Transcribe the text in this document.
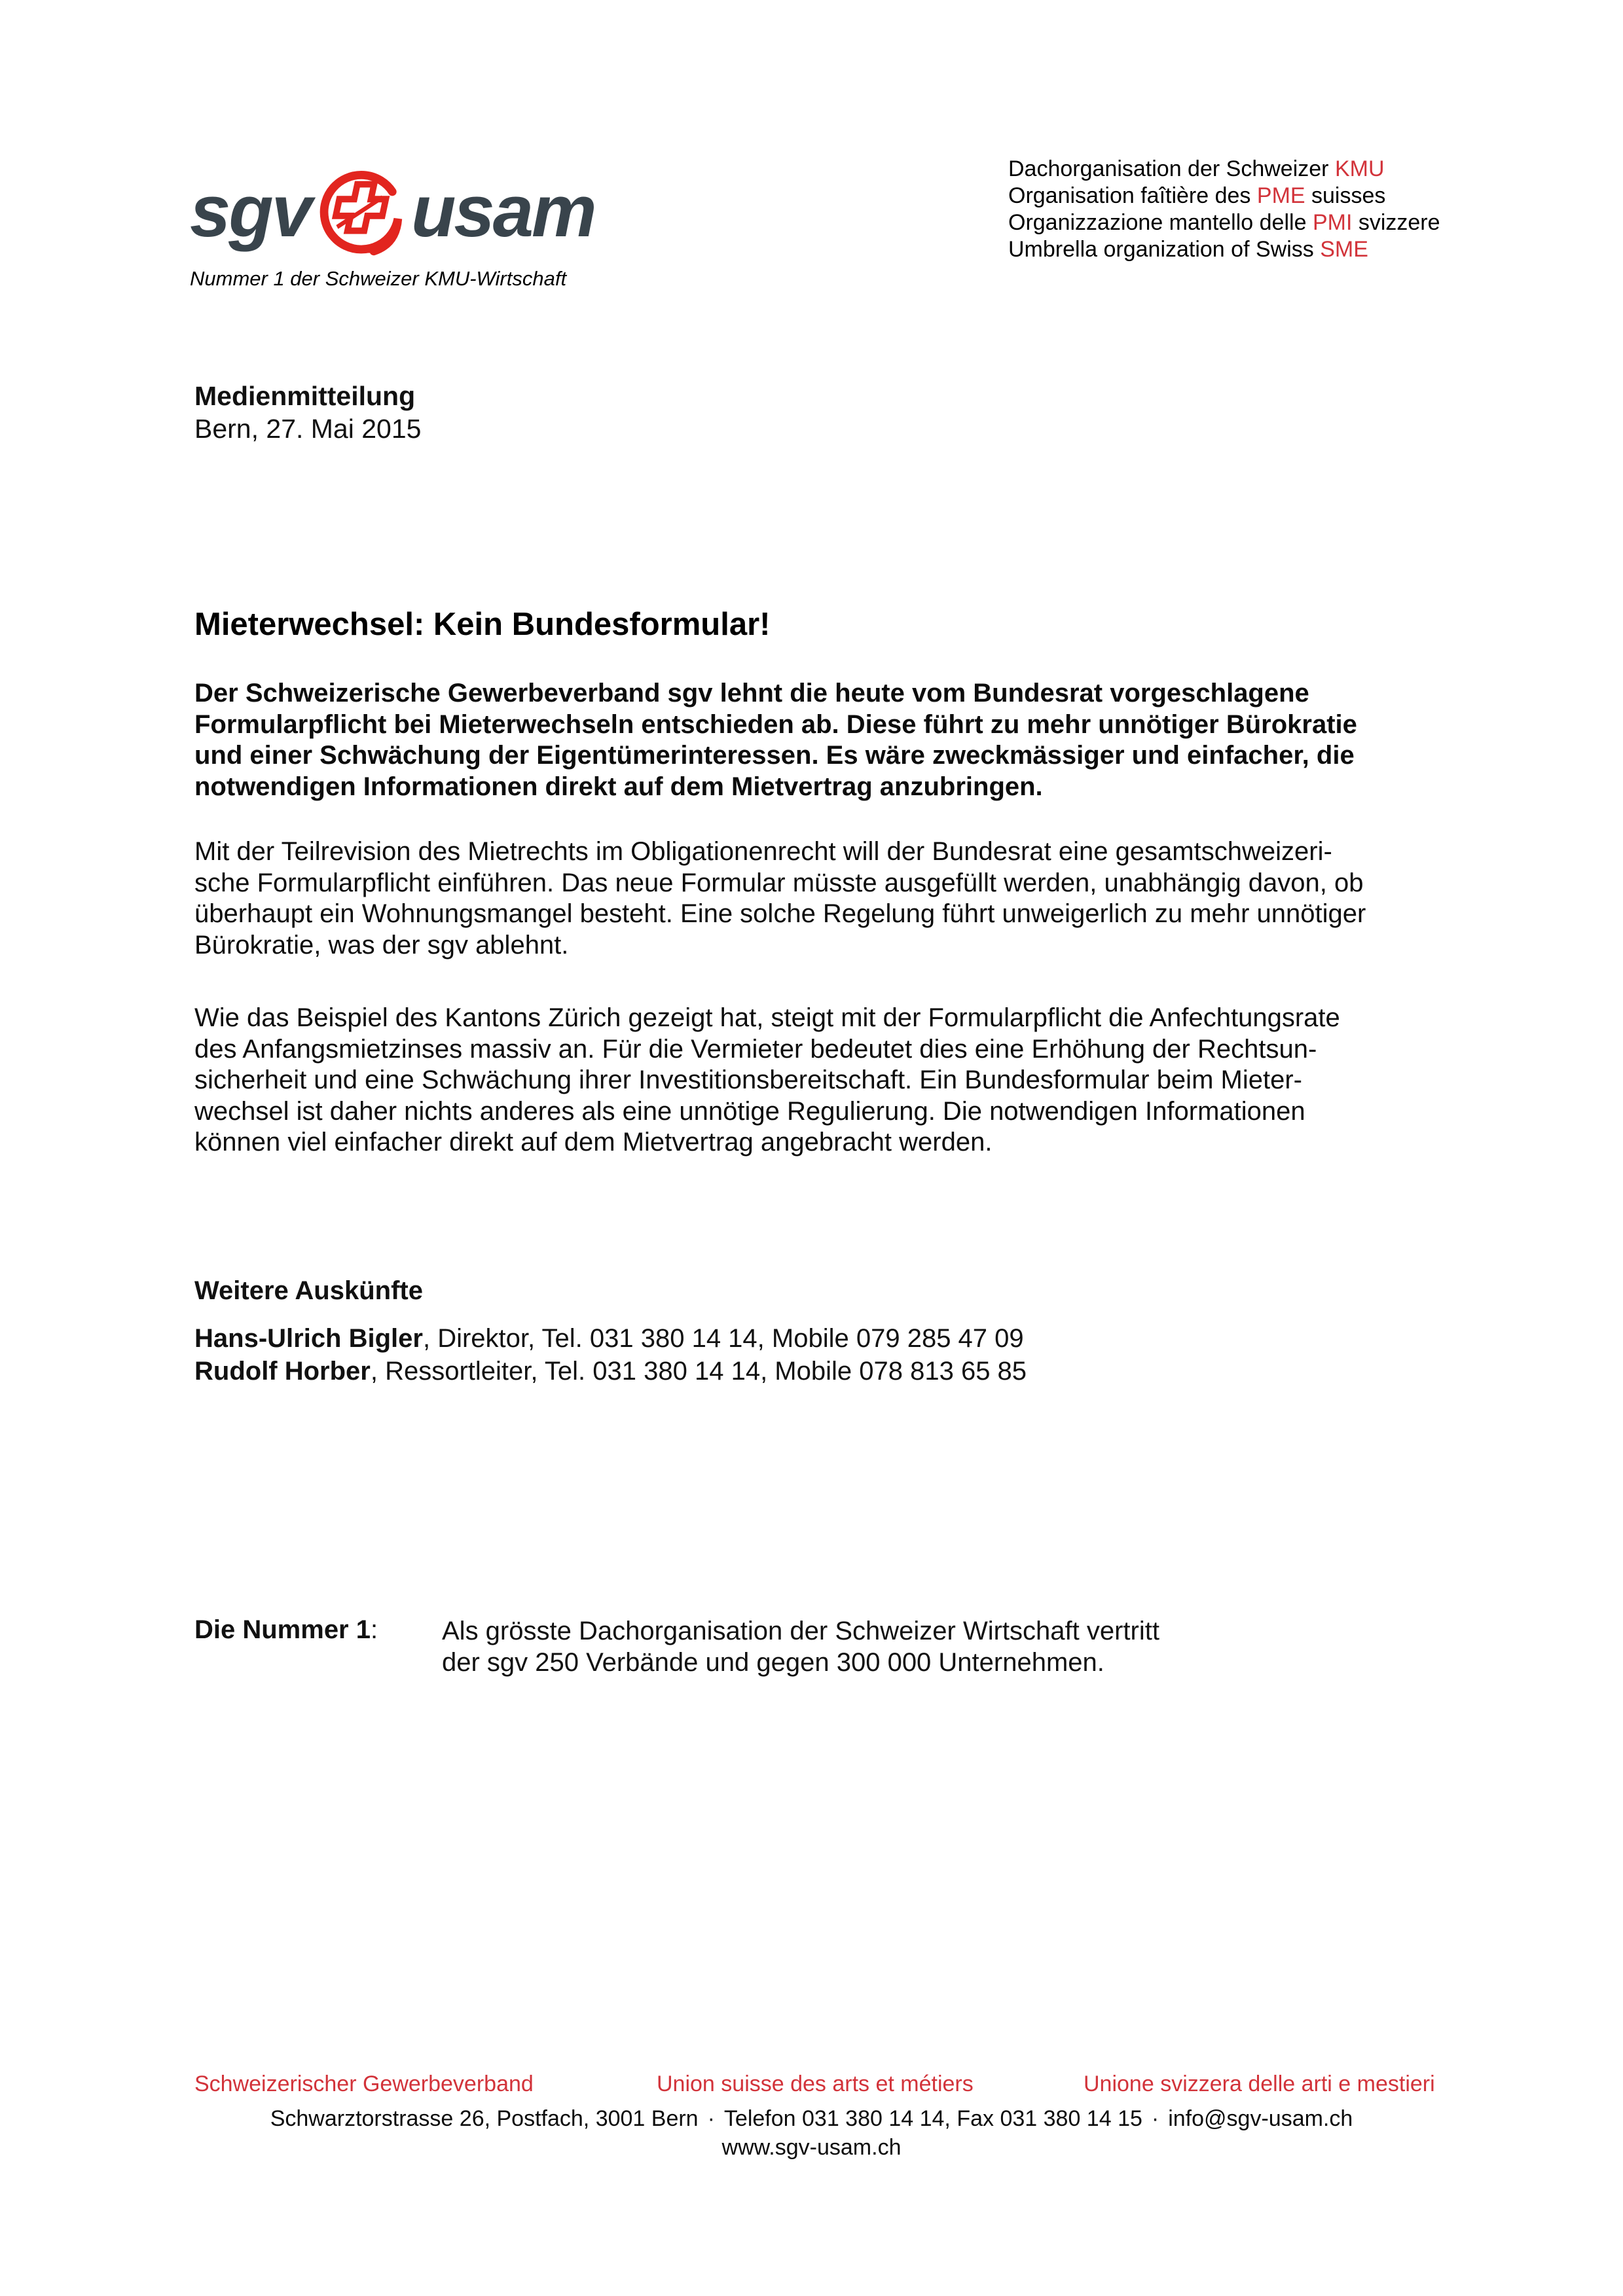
sgv usam
Nummer 1 der Schweizer KMU-Wirtschaft
Dachorganisation der Schweizer KMU
Organisation faîtière des PME suisses
Organizzazione mantello delle PMI svizzere
Umbrella organization of Swiss SME
Medienmitteilung
Bern, 27. Mai 2015
Mieterwechsel: Kein Bundesformular!
Der Schweizerische Gewerbeverband sgv lehnt die heute vom Bundesrat vorgeschlagene
Formularpflicht bei Mieterwechseln entschieden ab. Diese führt zu mehr unnötiger Bürokratie
und einer Schwächung der Eigentümerinteressen. Es wäre zweckmässiger und einfacher, die
notwendigen Informationen direkt auf dem Mietvertrag anzubringen.
Mit der Teilrevision des Mietrechts im Obligationenrecht will der Bundesrat eine gesamtschweizeri-
sche Formularpflicht einführen. Das neue Formular müsste ausgefüllt werden, unabhängig davon, ob
überhaupt ein Wohnungsmangel besteht. Eine solche Regelung führt unweigerlich zu mehr unnötiger
Bürokratie, was der sgv ablehnt.
Wie das Beispiel des Kantons Zürich gezeigt hat, steigt mit der Formularpflicht die Anfechtungsrate
des Anfangsmietzinses massiv an. Für die Vermieter bedeutet dies eine Erhöhung der Rechtsun-
sicherheit und eine Schwächung ihrer Investitionsbereitschaft. Ein Bundesformular beim Mieter-
wechsel ist daher nichts anderes als eine unnötige Regulierung. Die notwendigen Informationen
können viel einfacher direkt auf dem Mietvertrag angebracht werden.
Weitere Auskünfte
Hans-Ulrich Bigler, Direktor, Tel. 031 380 14 14, Mobile 079 285 47 09
Rudolf Horber, Ressortleiter, Tel. 031 380 14 14, Mobile 078 813 65 85
Die Nummer 1: Als grösste Dachorganisation der Schweizer Wirtschaft vertritt
der sgv 250 Verbände und gegen 300 000 Unternehmen.
Schweizerischer Gewerbeverband	Union suisse des arts et métiers	Unione svizzera delle arti e mestieri
Schwarztorstrasse 26, Postfach, 3001 Bern · Telefon 031 380 14 14, Fax 031 380 14 15 · info@sgv-usam.ch
www.sgv-usam.ch
